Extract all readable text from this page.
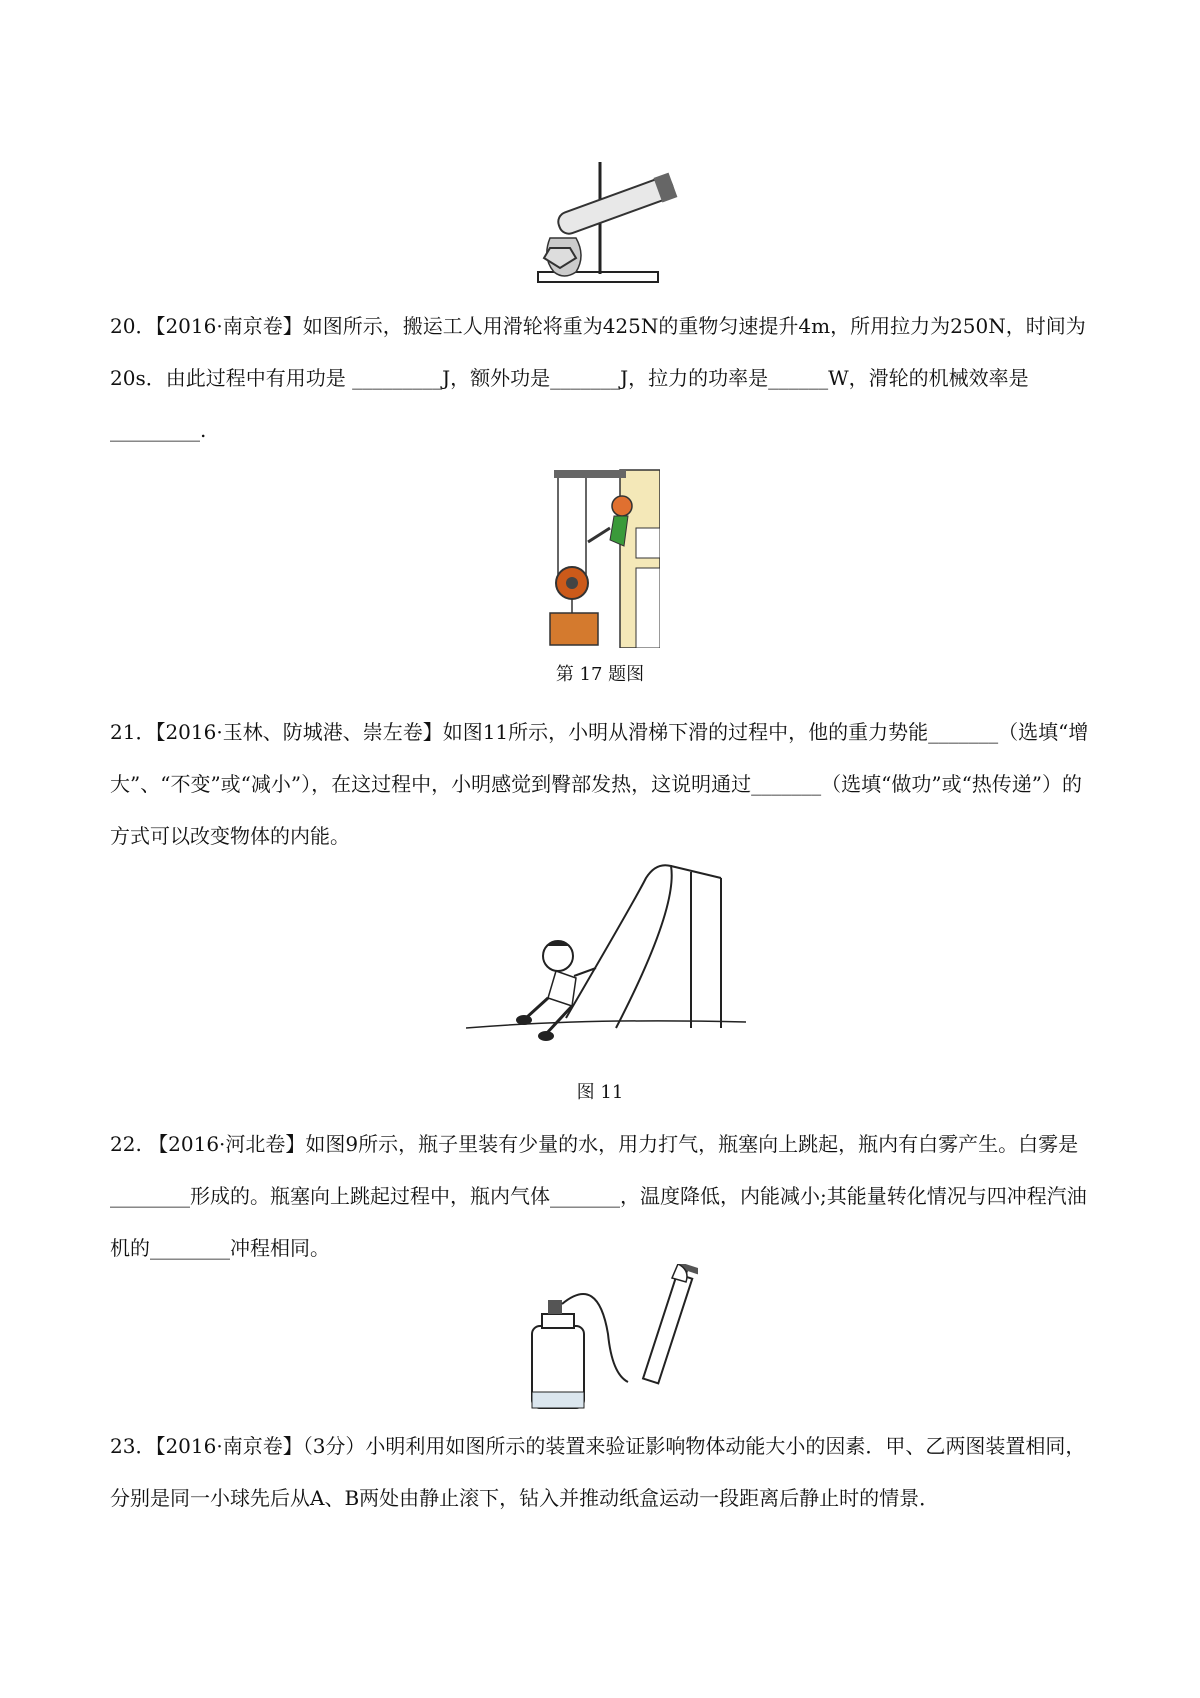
20．【2016·南京卷】如图所示，搬运工人用滑轮将重为425N的重物匀速提升4m，所用拉力为250N，时间为20s．由此过程中有用功是 _________J，额外功是_______J，拉力的功率是______W，滑轮的机械效率是_________.

第 17 题图

21．【2016·玉林、防城港、崇左卷】如图11所示，小明从滑梯下滑的过程中，他的重力势能_______（选填“增大”、“不变”或“减小”），在这过程中，小明感觉到臀部发热，这说明通过_______（选填“做功”或“热传递”）的方式可以改变物体的内能。

图 11

22. 【2016·河北卷】如图9所示，瓶子里装有少量的水，用力打气，瓶塞向上跳起，瓶内有白雾产生。白雾是________形成的。瓶塞向上跳起过程中，瓶内气体_______，温度降低，内能减小;其能量转化情况与四冲程汽油机的________冲程相同。

23．【2016·南京卷】（3分）小明利用如图所示的装置来验证影响物体动能大小的因素．甲、乙两图装置相同，分别是同一小球先后从A、B两处由静止滚下，钻入并推动纸盒运动一段距离后静止时的情景．
